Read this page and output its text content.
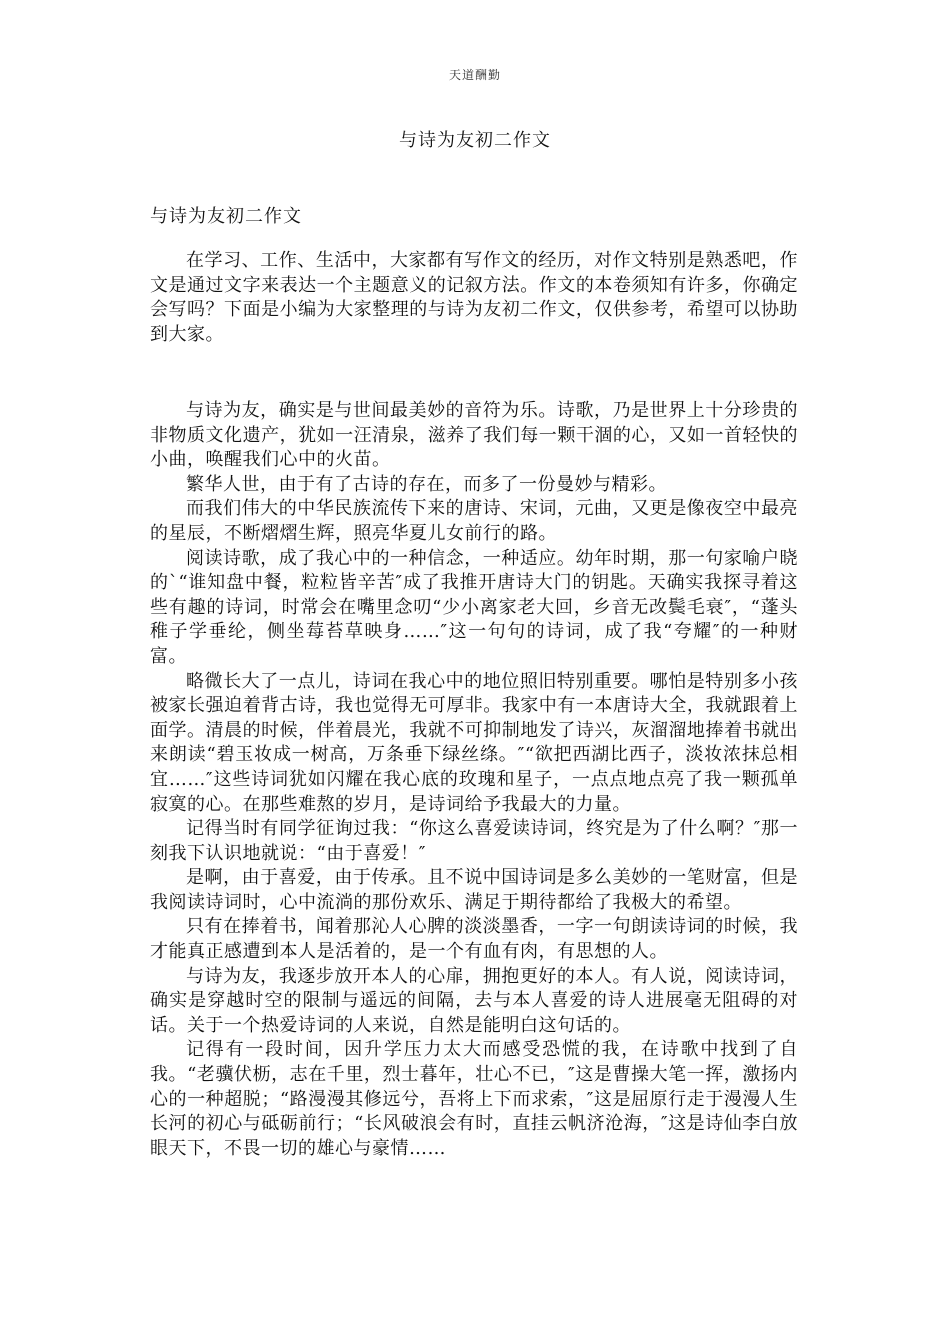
天道酬勤
与诗为友初二作文
与诗为友初二作文

在学习、工作、生活中，大家都有写作文的经历，对作文特别是熟悉吧，作文是通过文字来表达一个主题意义的记叙方法。作文的本卷须知有许多，你确定会写吗？下面是小编为大家整理的与诗为友初二作文，仅供参考，希望可以协助到大家。

与诗为友，确实是与世间最美妙的音符为乐。诗歌，乃是世界上十分珍贵的非物质文化遗产，犹如一汪清泉，滋养了我们每一颗干涸的心，又如一首轻快的小曲，唤醒我们心中的火苗。

繁华人世，由于有了古诗的存在，而多了一份曼妙与精彩。

而我们伟大的中华民族流传下来的唐诗、宋词，元曲，又更是像夜空中最亮的星辰，不断熠熠生辉，照亮华夏儿女前行的路。

阅读诗歌，成了我心中的一种信念，一种适应。幼年时期，那一句家喻户晓的`“谁知盘中餐，粒粒皆辛苦″成了我推开唐诗大门的钥匙。天确实我探寻着这些有趣的诗词，时常会在嘴里念叨“少小离家老大回，乡音无改鬓毛衰″，“蓬头稚子学垂纶，侧坐莓苔草映身……″这一句句的诗词，成了我“夸耀″的一种财富。

略微长大了一点儿，诗词在我心中的地位照旧特别重要。哪怕是特别多小孩被家长强迫着背古诗，我也觉得无可厚非。我家中有一本唐诗大全，我就跟着上面学。清晨的时候，伴着晨光，我就不可抑制地发了诗兴，灰溜溜地捧着书就出来朗读“碧玉妆成一树高，万条垂下绿丝绦。″“欲把西湖比西子，淡妆浓抹总相宜……″这些诗词犹如闪耀在我心底的玫瑰和星子，一点点地点亮了我一颗孤单寂寞的心。在那些难熬的岁月，是诗词给予我最大的力量。

记得当时有同学征询过我：“你这么喜爱读诗词，终究是为了什么啊？″那一刻我下认识地就说：“由于喜爱！″

是啊，由于喜爱，由于传承。且不说中国诗词是多么美妙的一笔财富，但是我阅读诗词时，心中流淌的那份欢乐、满足于期待都给了我极大的希望。

只有在捧着书，闻着那沁人心脾的淡淡墨香，一字一句朗读诗词的时候，我才能真正感遭到本人是活着的，是一个有血有肉，有思想的人。

与诗为友，我逐步放开本人的心扉，拥抱更好的本人。有人说，阅读诗词，确实是穿越时空的限制与遥远的间隔，去与本人喜爱的诗人进展毫无阻碍的对话。关于一个热爱诗词的人来说，自然是能明白这句话的。

记得有一段时间，因升学压力太大而感受恐慌的我，在诗歌中找到了自我。“老骥伏枥，志在千里，烈士暮年，壮心不已，″这是曹操大笔一挥，激扬内心的一种超脱；“路漫漫其修远兮，吾将上下而求索，″这是屈原行走于漫漫人生长河的初心与砥砺前行；“长风破浪会有时，直挂云帆济沧海，″这是诗仙李白放眼天下，不畏一切的雄心与豪情……
